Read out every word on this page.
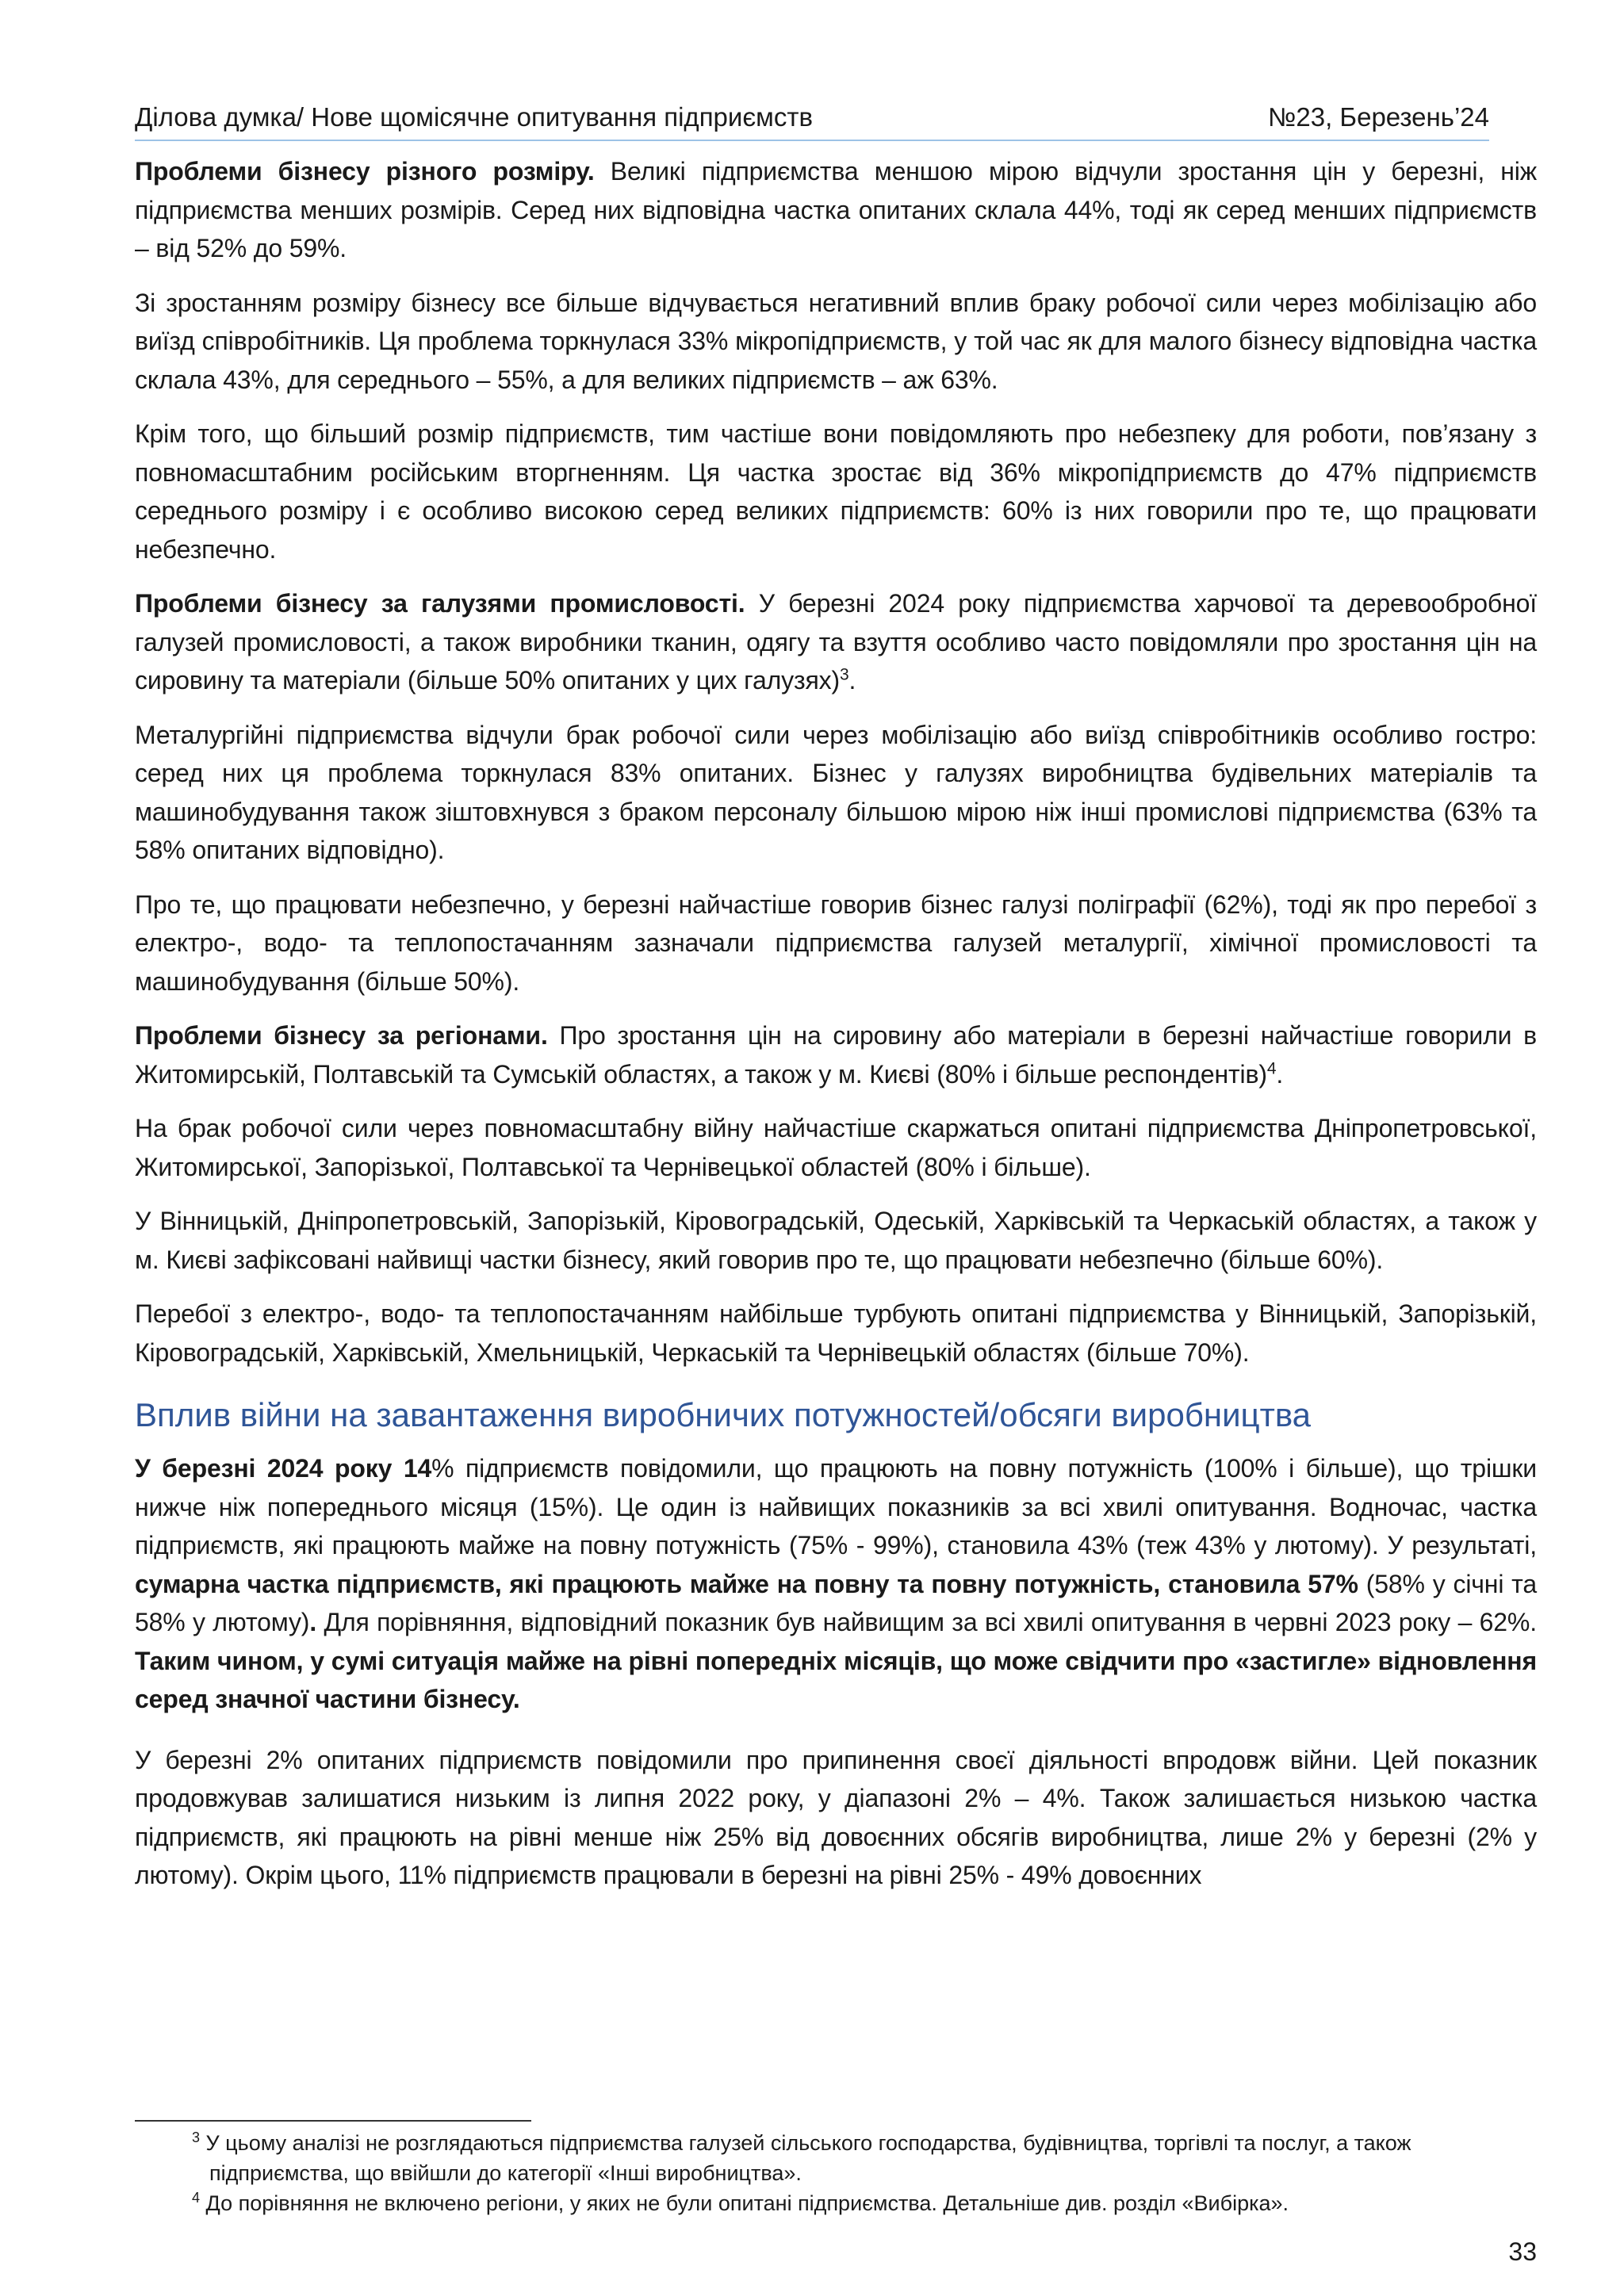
Ділова думка/ Нове щомісячне опитування підприємств	№23, Березень’24

Проблеми бізнесу різного розміру. Великі підприємства меншою мірою відчули зростання цін у березні, ніж підприємства менших розмірів. Серед них відповідна частка опитаних склала 44%, тоді як серед менших підприємств – від 52% до 59%.

Зі зростанням розміру бізнесу все більше відчувається негативний вплив браку робочої сили через мобілізацію або виїзд співробітників. Ця проблема торкнулася 33% мікропідприємств, у той час як для малого бізнесу відповідна частка склала 43%, для середнього – 55%, а для великих підприємств – аж 63%.

Крім того, що більший розмір підприємств, тим частіше вони повідомляють про небезпеку для роботи, пов’язану з повномасштабним російським вторгненням. Ця частка зростає від 36% мікропідприємств до 47% підприємств середнього розміру і є особливо високою серед великих підприємств: 60% із них говорили про те, що працювати небезпечно.

Проблеми бізнесу за галузями промисловості. У березні 2024 року підприємства харчової та деревообробної галузей промисловості, а також виробники тканин, одягу та взуття особливо часто повідомляли про зростання цін на сировину та матеріали (більше 50% опитаних у цих галузях)$^3$.

Металургійні підприємства відчули брак робочої сили через мобілізацію або виїзд співробітників особливо гостро: серед них ця проблема торкнулася 83% опитаних. Бізнес у галузях виробництва будівельних матеріалів та машинобудування також зіштовхнувся з браком персоналу більшою мірою ніж інші промислові підприємства (63% та 58% опитаних відповідно).

Про те, що працювати небезпечно, у березні найчастіше говорив бізнес галузі поліграфії (62%), тоді як про перебої з електро-, водо- та теплопостачанням зазначали підприємства галузей металургії, хімічної промисловості та машинобудування (більше 50%).

Проблеми бізнесу за регіонами. Про зростання цін на сировину або матеріали в березні найчастіше говорили в Житомирській, Полтавській та Сумській областях, а також у м. Києві (80% і більше респондентів)$^4$.

На брак робочої сили через повномасштабну війну найчастіше скаржаться опитані підприємства Дніпропетровської, Житомирської, Запорізької, Полтавської та Чернівецької областей (80% і більше).

У Вінницькій, Дніпропетровській, Запорізькій, Кіровоградській, Одеській, Харківській та Черкаській областях, а також у м. Києві зафіксовані найвищі частки бізнесу, який говорив про те, що працювати небезпечно (більше 60%).

Перебої з електро-, водо- та теплопостачанням найбільше турбують опитані підприємства у Вінницькій, Запорізькій, Кіровоградській, Харківській, Хмельницькій, Черкаській та Чернівецькій областях (більше 70%).

Вплив війни на завантаження виробничих потужностей/обсяги виробництва

У березні 2024 року 14% підприємств повідомили, що працюють на повну потужність (100% і більше), що трішки нижче ніж попереднього місяця (15%). Це один із найвищих показників за всі хвилі опитування. Водночас, частка підприємств, які працюють майже на повну потужність (75% - 99%), становила 43% (теж 43% у лютому). У результаті, сумарна частка підприємств, які працюють майже на повну та повну потужність, становила 57% (58% у січні та 58% у лютому). Для порівняння, відповідний показник був найвищим за всі хвилі опитування в червні 2023 року – 62%. Таким чином, у сумі ситуація майже на рівні попередніх місяців, що може свідчити про «застигле» відновлення серед значної частини бізнесу.

У березні 2% опитаних підприємств повідомили про припинення своєї діяльності впродовж війни. Цей показник продовжував залишатися низьким із липня 2022 року, у діапазоні 2% – 4%. Також залишається низькою частка підприємств, які працюють на рівні менше ніж 25% від довоєнних обсягів виробництва, лише 2% у березні (2% у лютому). Окрім цього, 11% підприємств працювали в березні на рівні 25% - 49% довоєнних

$^3$ У цьому аналізі не розглядаються підприємства галузей сільського господарства, будівництва, торгівлі та послуг, а також підприємства, що ввійшли до категорії «Інші виробництва».
$^4$ До порівняння не включено регіони, у яких не були опитані підприємства. Детальніше див. розділ «Вибірка».
33
